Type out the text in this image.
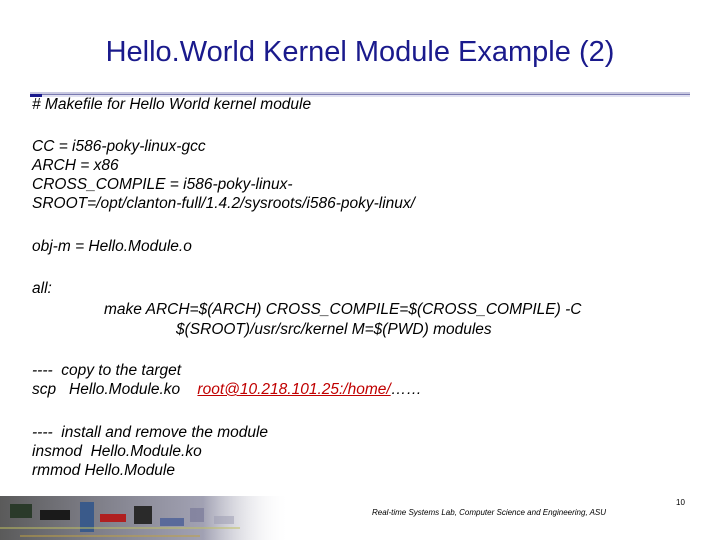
Hello.World Kernel Module Example (2)
# Makefile for Hello World kernel module
CC = i586-poky-linux-gcc
ARCH = x86
CROSS_COMPILE = i586-poky-linux-
SROOT=/opt/clanton-full/1.4.2/sysroots/i586-poky-linux/
obj-m = Hello.Module.o
all:
make ARCH=$(ARCH) CROSS_COMPILE=$(CROSS_COMPILE) -C
$(SROOT)/usr/src/kernel M=$(PWD) modules
----  copy to the target
scp   Hello.Module.ko    root@10.218.101.25:/home/……
----  install and remove the module
insmod  Hello.Module.ko
rmmod Hello.Module
Real-time Systems Lab, Computer Science and Engineering, ASU
10
